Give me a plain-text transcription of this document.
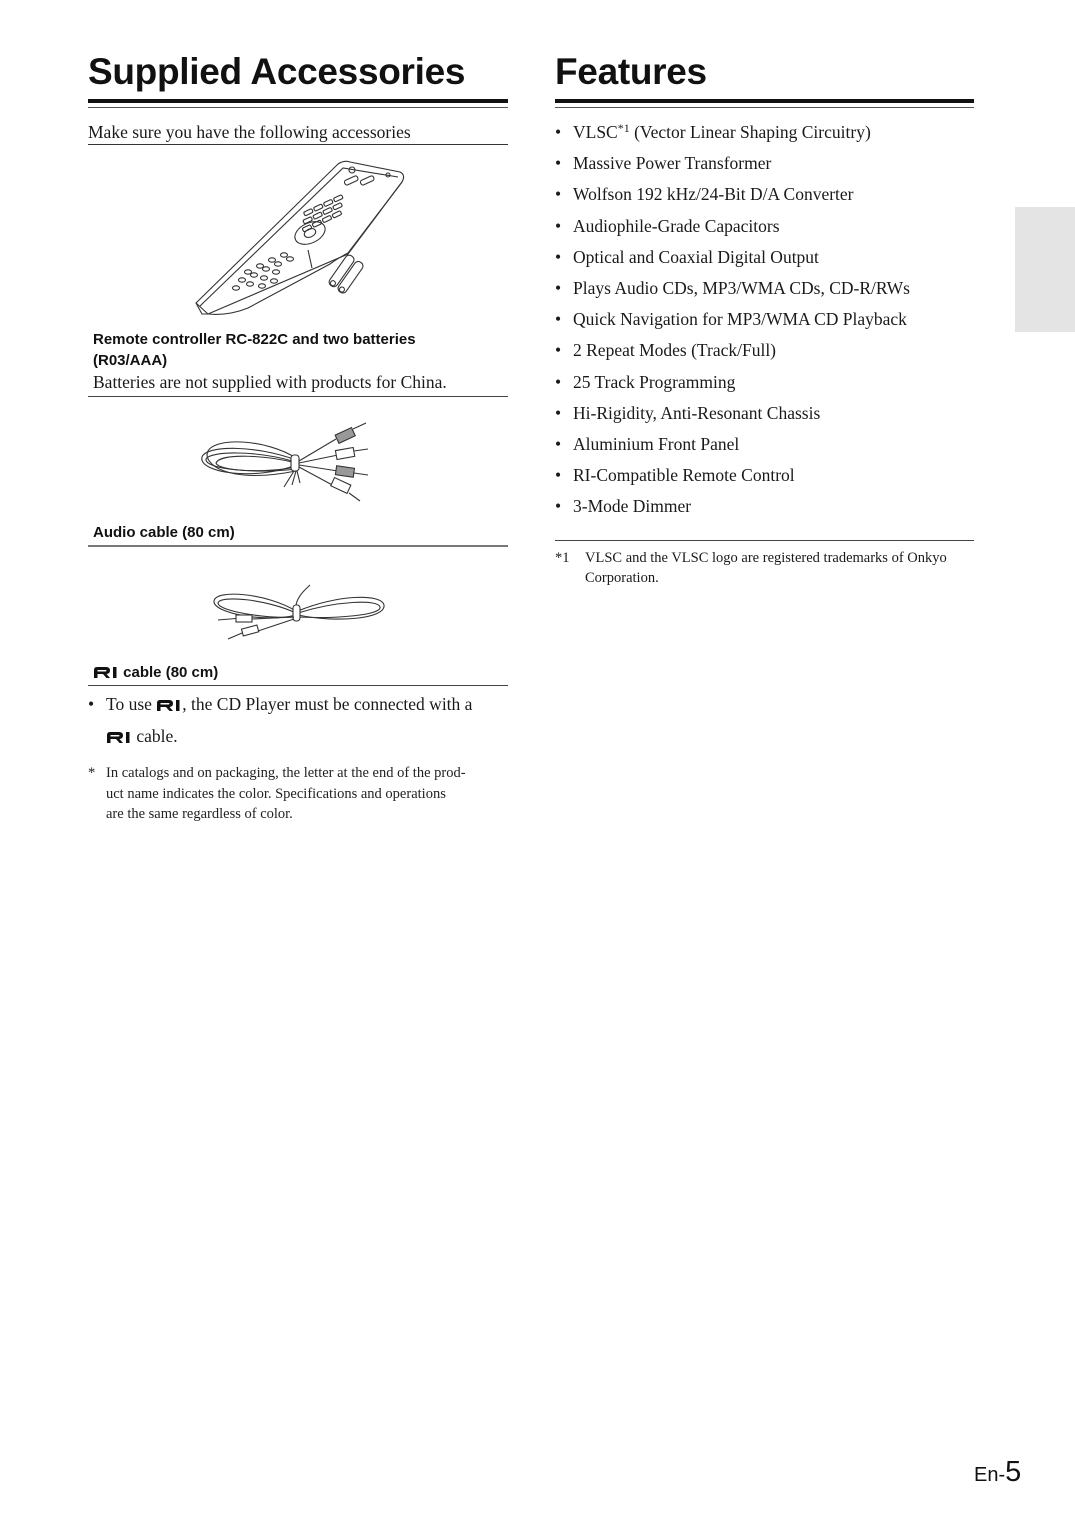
Supplied Accessories
Make sure you have the following accessories
Remote controller RC-822C and two batteries
(R03/AAA)
Batteries are not supplied with products for China.
Audio cable (80 cm)
cable (80 cm)
• To use , the CD Player must be connected with a
cable.
* In catalogs and on packaging, the letter at the end of the prod-
uct name indicates the color. Specifications and operations
are the same regardless of color.
Features
• VLSC$^{*1}$ (Vector Linear Shaping Circuitry)
• Massive Power Transformer
• Wolfson 192 kHz/24-Bit D/A Converter
• Audiophile-Grade Capacitors
• Optical and Coaxial Digital Output
• Plays Audio CDs, MP3/WMA CDs, CD-R/RWs
• Quick Navigation for MP3/WMA CD Playback
• 2 Repeat Modes (Track/Full)
• 25 Track Programming
• Hi-Rigidity, Anti-Resonant Chassis
• Aluminium Front Panel
• RI-Compatible Remote Control
• 3-Mode Dimmer
*1 VLSC and the VLSC logo are registered trademarks of Onkyo
Corporation.
En-5
